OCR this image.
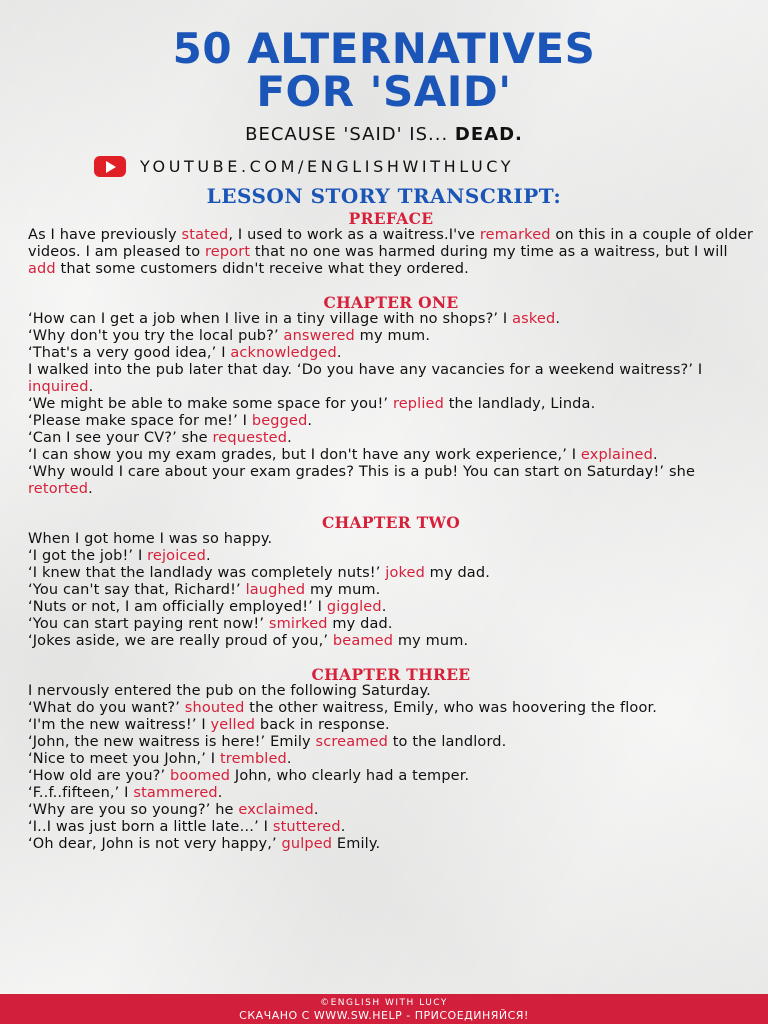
50 ALTERNATIVES
FOR 'SAID'
BECAUSE 'SAID' IS... DEAD.
YOUTUBE.COM/ENGLISHWITHLUCY
LESSON STORY TRANSCRIPT:
PREFACE

As I have previously stated, I used to work as a waitress.I've remarked on this in a couple of older videos. I am pleased to report that no one was harmed during my time as a waitress, but I will add that some customers didn't receive what they ordered.

CHAPTER ONE

‘How can I get a job when I live in a tiny village with no shops?’ I asked.

‘Why don't you try the local pub?’ answered my mum.

‘That's a very good idea,’ I acknowledged.

I walked into the pub later that day. ‘Do you have any vacancies for a weekend waitress?’ I inquired.

‘We might be able to make some space for you!’ replied the landlady, Linda.

‘Please make space for me!’ I begged.

‘Can I see your CV?’ she requested.

‘I can show you my exam grades, but I don't have any work experience,’ I explained.

‘Why would I care about your exam grades? This is a pub! You can start on Saturday!’ she retorted.

CHAPTER TWO

When I got home I was so happy.

‘I got the job!’ I rejoiced.

‘I knew that the landlady was completely nuts!’ joked my dad.

‘You can't say that, Richard!’ laughed my mum.

‘Nuts or not, I am officially employed!’ I giggled.

‘You can start paying rent now!’ smirked my dad.

‘Jokes aside, we are really proud of you,’ beamed my mum.

CHAPTER THREE

I nervously entered the pub on the following Saturday.

‘What do you want?’ shouted the other waitress, Emily, who was hoovering the floor.

‘I'm the new waitress!’ I yelled back in response.

‘John, the new waitress is here!’ Emily screamed to the landlord.

‘Nice to meet you John,’ I trembled.

‘How old are you?’ boomed John, who clearly had a temper.

‘F..f..fifteen,’ I stammered.

‘Why are you so young?’ he exclaimed.

‘I..I was just born a little late…’ I stuttered.

‘Oh dear, John is not very happy,’ gulped Emily.

©ENGLISH WITH LUCY
СКАЧАНО С WWW.SW.HELP - ПРИСОЕДИНЯЙСЯ!
